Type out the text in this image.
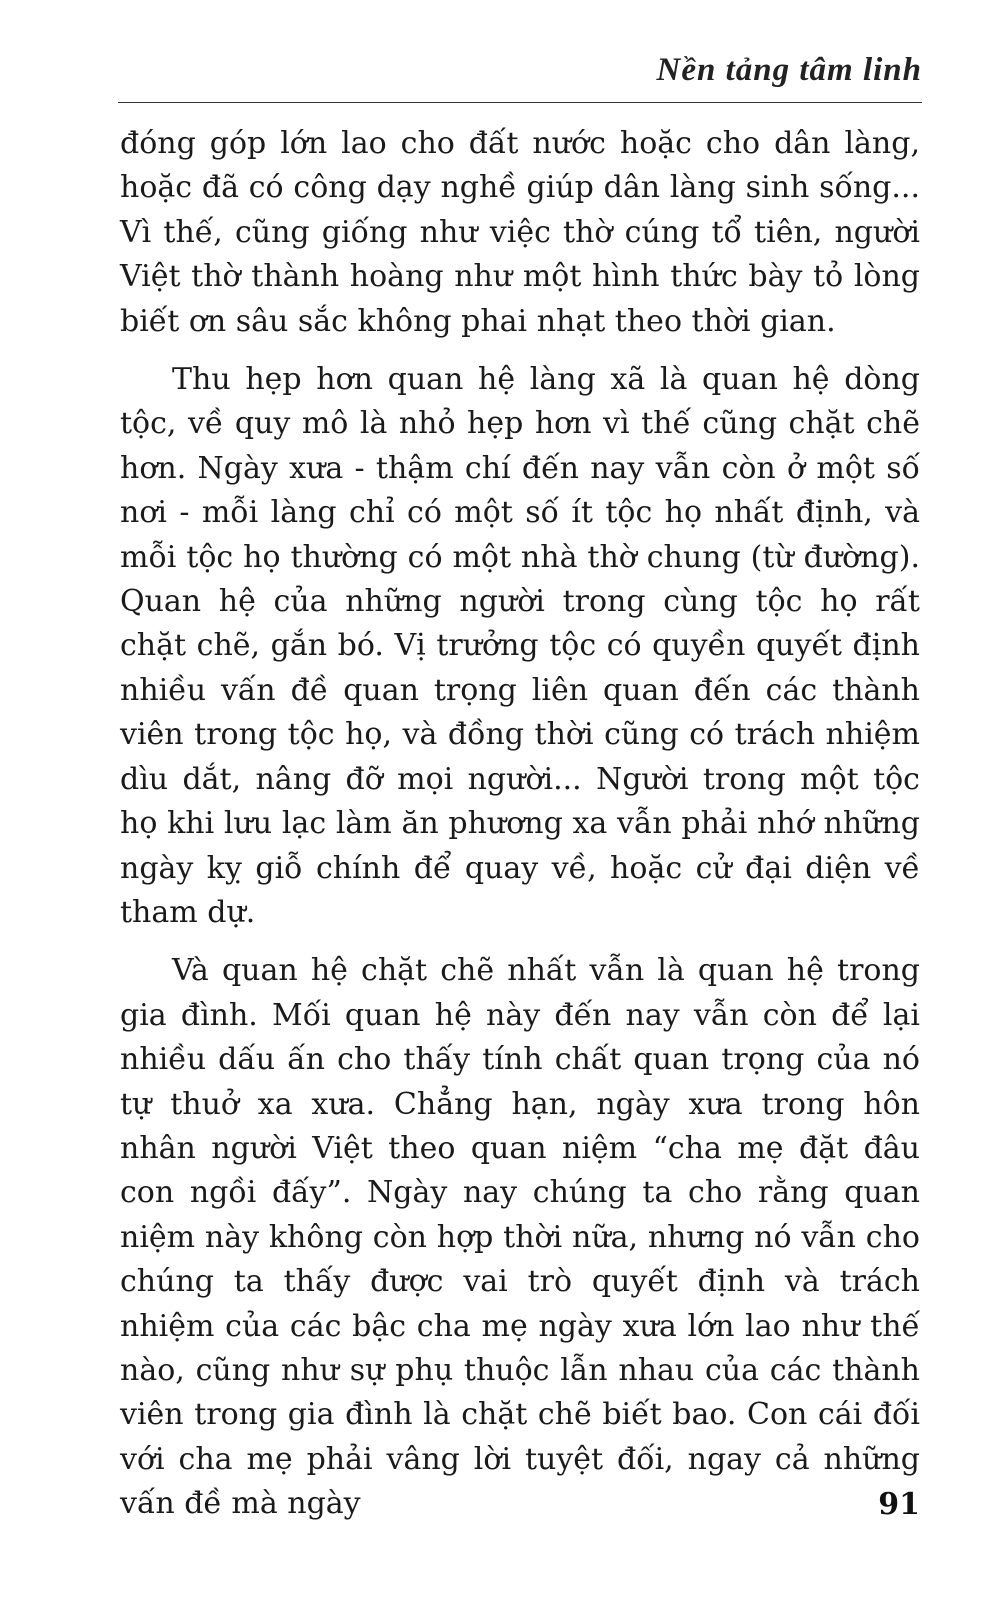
Nền tảng tâm linh

đóng góp lớn lao cho đất nước hoặc cho dân làng, hoặc đã có công dạy nghề giúp dân làng sinh sống... Vì thế, cũng giống như việc thờ cúng tổ tiên, người Việt thờ thành hoàng như một hình thức bày tỏ lòng biết ơn sâu sắc không phai nhạt theo thời gian.

Thu hẹp hơn quan hệ làng xã là quan hệ dòng tộc, về quy mô là nhỏ hẹp hơn vì thế cũng chặt chẽ hơn. Ngày xưa - thậm chí đến nay vẫn còn ở một số nơi - mỗi làng chỉ có một số ít tộc họ nhất định, và mỗi tộc họ thường có một nhà thờ chung (từ đường). Quan hệ của những người trong cùng tộc họ rất chặt chẽ, gắn bó. Vị trưởng tộc có quyền quyết định nhiều vấn đề quan trọng liên quan đến các thành viên trong tộc họ, và đồng thời cũng có trách nhiệm dìu dắt, nâng đỡ mọi người... Người trong một tộc họ khi lưu lạc làm ăn phương xa vẫn phải nhớ những ngày kỵ giỗ chính để quay về, hoặc cử đại diện về tham dự.

Và quan hệ chặt chẽ nhất vẫn là quan hệ trong gia đình. Mối quan hệ này đến nay vẫn còn để lại nhiều dấu ấn cho thấy tính chất quan trọng của nó tự thuở xa xưa. Chẳng hạn, ngày xưa trong hôn nhân người Việt theo quan niệm “cha mẹ đặt đâu con ngồi đấy”. Ngày nay chúng ta cho rằng quan niệm này không còn hợp thời nữa, nhưng nó vẫn cho chúng ta thấy được vai trò quyết định và trách nhiệm của các bậc cha mẹ ngày xưa lớn lao như thế nào, cũng như sự phụ thuộc lẫn nhau của các thành viên trong gia đình là chặt chẽ biết bao. Con cái đối với cha mẹ phải vâng lời tuyệt đối, ngay cả những vấn đề mà ngày	91
